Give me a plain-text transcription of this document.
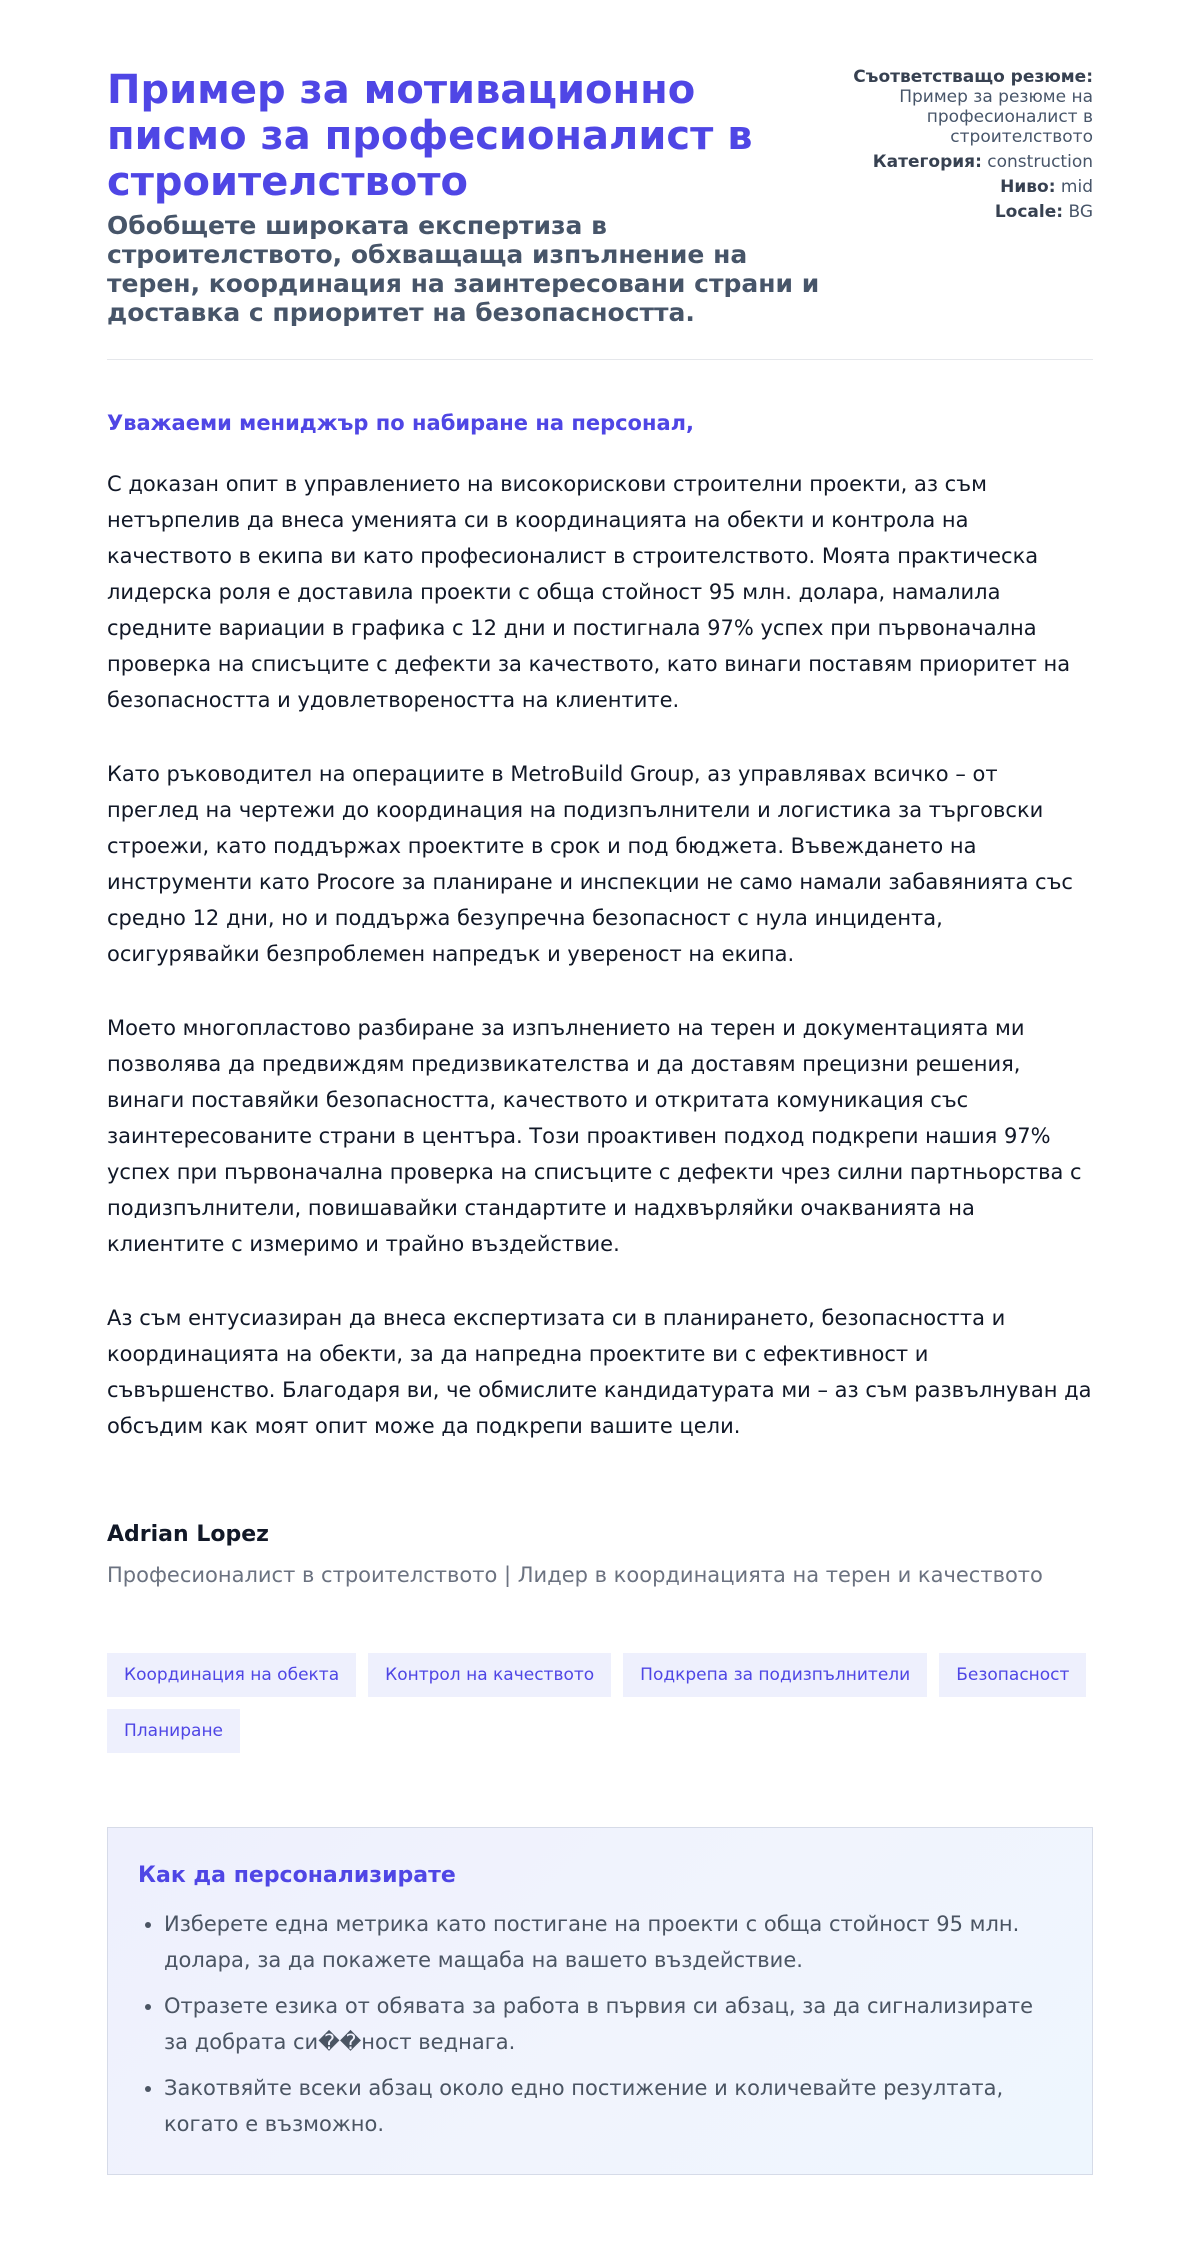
Пример за мотивационно писмо за професионалист в строителството

Обобщете широката експертиза в строителството, обхващаща изпълнение на терен, координация на заинтересовани страни и доставка с приоритет на безопасността.

Съответстващо резюме: Пример за резюме на професионалист в строителството
Категория: construction
Ниво: mid
Locale: BG

Уважаеми мениджър по набиране на персонал,

С доказан опит в управлението на високорискови строителни проекти, аз съм нетърпелив да внеса уменията си в координацията на обекти и контрола на качеството в екипа ви като професионалист в строителството. Моята практическа лидерска роля е доставила проекти с обща стойност 95 млн. долара, намалила средните вариации в графика с 12 дни и постигнала 97% успех при първоначална проверка на списъците с дефекти за качеството, като винаги поставям приоритет на безопасността и удовлетвореността на клиентите.

Като ръководител на операциите в MetroBuild Group, аз управлявах всичко – от преглед на чертежи до координация на подизпълнители и логистика за търговски строежи, като поддържах проектите в срок и под бюджета. Въвеждането на инструменти като Procore за планиране и инспекции не само намали забавянията със средно 12 дни, но и поддържа безупречна безопасност с нула инцидента, осигурявайки безпроблемен напредък и увереност на екипа.

Моето многопластово разбиране за изпълнението на терен и документацията ми позволява да предвиждям предизвикателства и да доставям прецизни решения, винаги поставяйки безопасността, качеството и откритата комуникация със заинтересованите страни в центъра. Този проактивен подход подкрепи нашия 97% успех при първоначална проверка на списъците с дефекти чрез силни партньорства с подизпълнители, повишавайки стандартите и надхвърляйки очакванията на клиентите с измеримо и трайно въздействие.

Аз съм ентусиазиран да внеса експертизата си в планирането, безопасността и координацията на обекти, за да напредна проектите ви с ефективност и съвършенство. Благодаря ви, че обмислите кандидатурата ми – аз съм развълнуван да обсъдим как моят опит може да подкрепи вашите цели.

Adrian Lopez
Професионалист в строителството | Лидер в координацията на терен и качеството
Координация на обекта	Контрол на качеството	Подкрепа за подизпълнители	Безопасност
Планиране
Как да персонализирате
• Изберете една метрика като постигане на проекти с обща стойност 95 млн. долара, за да покажете мащаба на вашето въздействие.
• Отразете езика от обявата за работа в първия си абзац, за да сигнализирате за добрата си��ност веднага.
• Закотвяйте всеки абзац около едно постижение и количевайте резултата, когато е възможно.
